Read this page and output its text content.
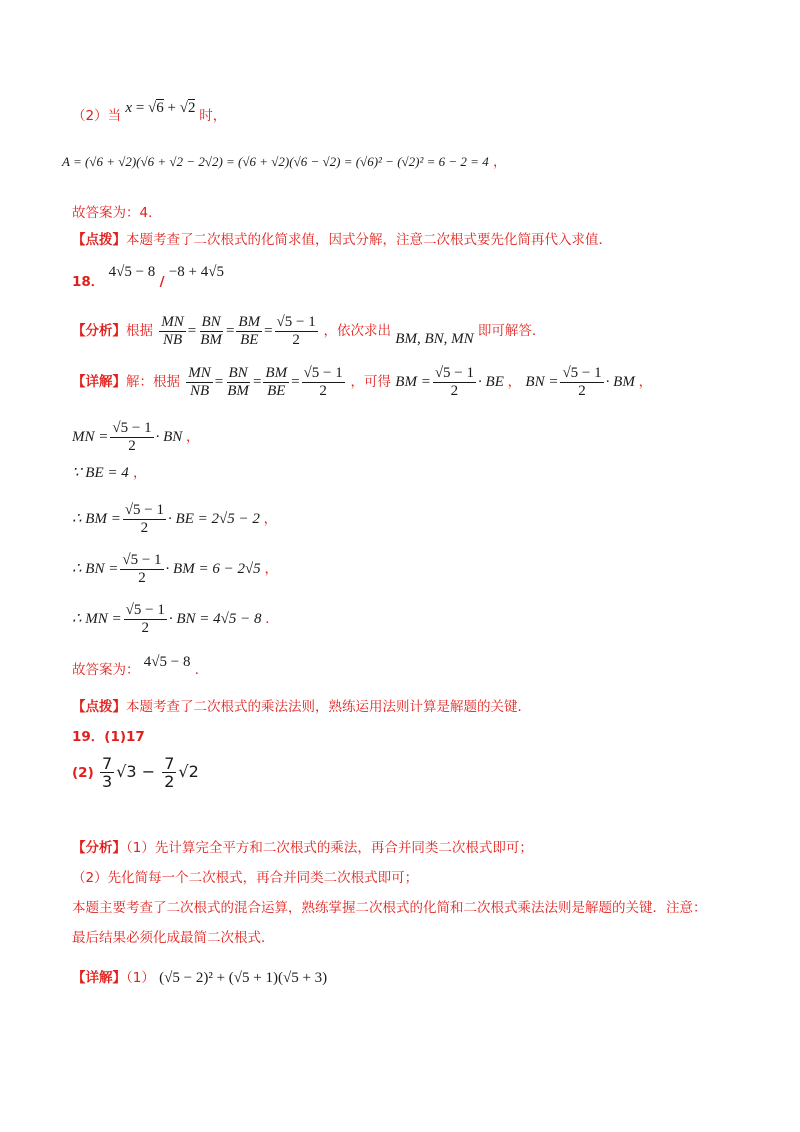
（2）当 x = √6 + √2 时，
A = (√6 + √2)(√6 + √2 − 2√2) = (√6 + √2)(√6 − √2) = (√6)² − (√2)² = 6 − 2 = 4 ，
故答案为：4．
【点拨】本题考查了二次根式的化简求值，因式分解，注意二次根式要先化简再代入求值．
18． 4√5 − 8 / −8 + 4√5
【分析】根据 $\frac{MN}{NB} = \frac{BN}{BM} = \frac{BM}{BE} = \frac{√5 - 1}{2}$ ，依次求出 BM, BN, MN 即可解答．
【详解】解：根据 $\frac{MN}{NB} = \frac{BN}{BM} = \frac{BM}{BE} = \frac{√5 - 1}{2}$ ，可得 BM = $\frac{√5 - 1}{2}$ · BE ， BN = $\frac{√5 - 1}{2}$ · BM ，
MN = $\frac{√5 - 1}{2}$ · BN ，
∵ BE = 4 ，
∴ BM = $\frac{√5 - 1}{2}$ · BE = 2√5 − 2 ，
∴ BN = $\frac{√5 - 1}{2}$ · BM = 6 − 2√5 ，
∴ MN = $\frac{√5 - 1}{2}$ · BN = 4√5 − 8 ．
故答案为： 4√5 − 8 ．
【点拨】本题考查了二次根式的乘法法则，熟练运用法则计算是解题的关键．
19．(1)17
$(2) \frac{7}{3} √3 - \frac{7}{2} √2$
【分析】（1）先计算完全平方和二次根式的乘法，再合并同类二次根式即可；
（2）先化简每一个二次根式，再合并同类二次根式即可；
本题主要考查了二次根式的混合运算，熟练掌握二次根式的化简和二次根式乘法法则是解题的关键．注意：
最后结果必须化成最简二次根式．
【详解】（1） (√5 − 2)² + (√5 + 1)(√5 + 3)
